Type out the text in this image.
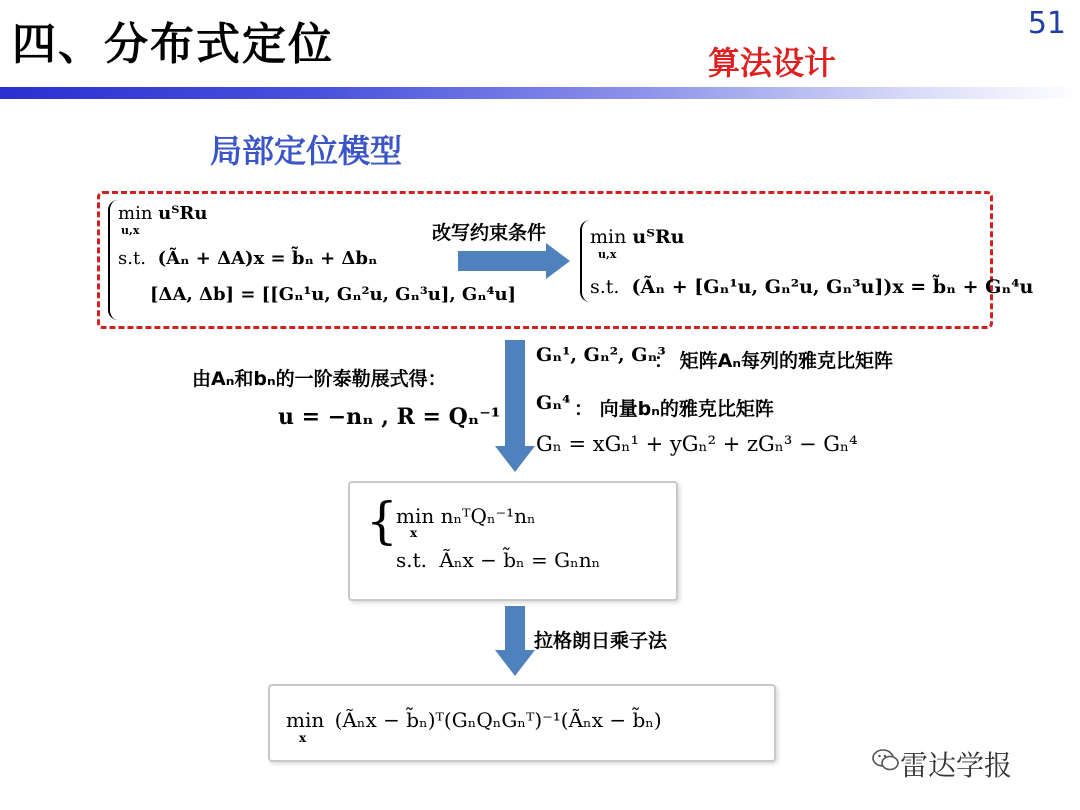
四、分布式定位	51
算法设计
局部定位模型
min uᵀRu
u,x
s.t. (Ãₙ + ΔA)x = b̃ₙ + Δbₙ
[ΔA, Δb] = [[Gₙ¹u, Gₙ²u, Gₙ³u], Gₙ⁴u]
改写约束条件 min uᵀRu
u,x
s.t. (Ãₙ + [Gₙ¹u, Gₙ²u, Gₙ³u])x = b̃ₙ + Gₙ⁴u
由Aₙ和bₙ的一阶泰勒展式得：
u = −nₙ , R = Qₙ⁻¹
Gₙ¹, Gₙ², Gₙ³
： 矩阵Aₙ每列的雅克比矩阵
Gₙ⁴ ： 向量bₙ的雅克比矩阵
Gₙ = xGₙ¹ + yGₙ² + zGₙ³ − Gₙ⁴
{
min nₙᵀQₙ⁻¹nₙ
x
s.t. Ãₙx − b̃ₙ = Gₙnₙ
拉格朗日乘子法
min (Ãₙx − b̃ₙ)ᵀ(GₙQₙGₙᵀ)⁻¹(Ãₙx − b̃ₙ)
x
雷达学报
